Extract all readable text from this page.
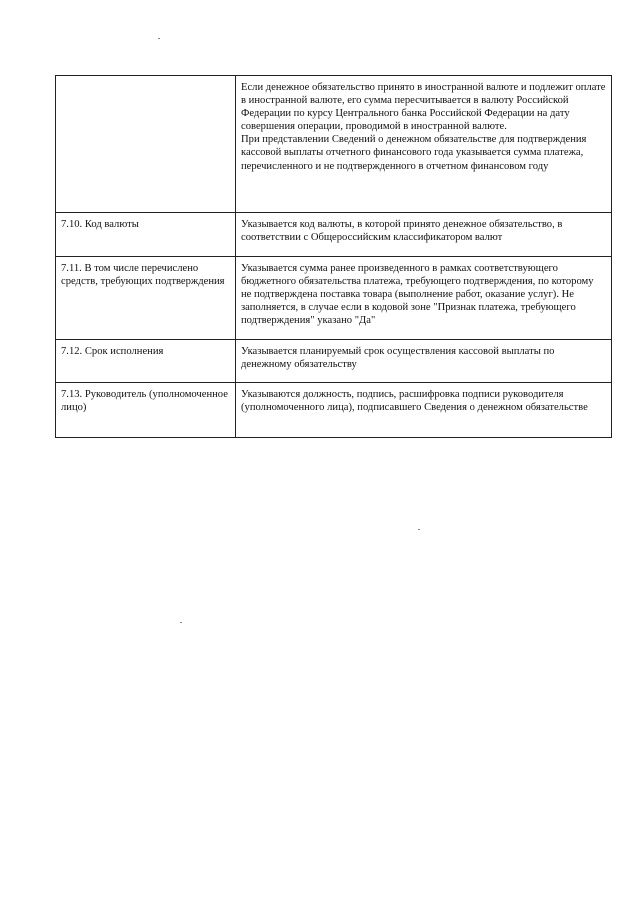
	Если денежное обязательство принято в иностранной валюте и подлежит оплате в иностранной валюте, его сумма пересчитывается в валюту Российской Федерации по курсу Центрального банка Российской Федерации на дату совершения операции, проводимой в иностранной валюте.
При представлении Сведений о денежном обязательстве для подтверждения кассовой выплаты отчетного финансового года указывается сумма платежа, перечисленного и не подтвержденного в отчетном финансовом году

7.10. Код валюты	Указывается код валюты, в которой принято денежное обязательство, в соответствии с Общероссийским классификатором валют

7.11. В том числе перечислено средств, требующих подтверждения	Указывается сумма ранее произведенного в рамках соответствующего бюджетного обязательства платежа, требующего подтверждения, по которому не подтверждена поставка товара (выполнение работ, оказание услуг). Не заполняется, в случае если в кодовой зоне "Признак платежа, требующего подтверждения" указано "Да"

7.12. Срок исполнения	Указывается планируемый срок осуществления кассовой выплаты по денежному обязательству

7.13. Руководитель (уполномоченное лицо)	Указываются должность, подпись, расшифровка подписи руководителя (уполномоченного лица), подписавшего Сведения о денежном обязательстве
